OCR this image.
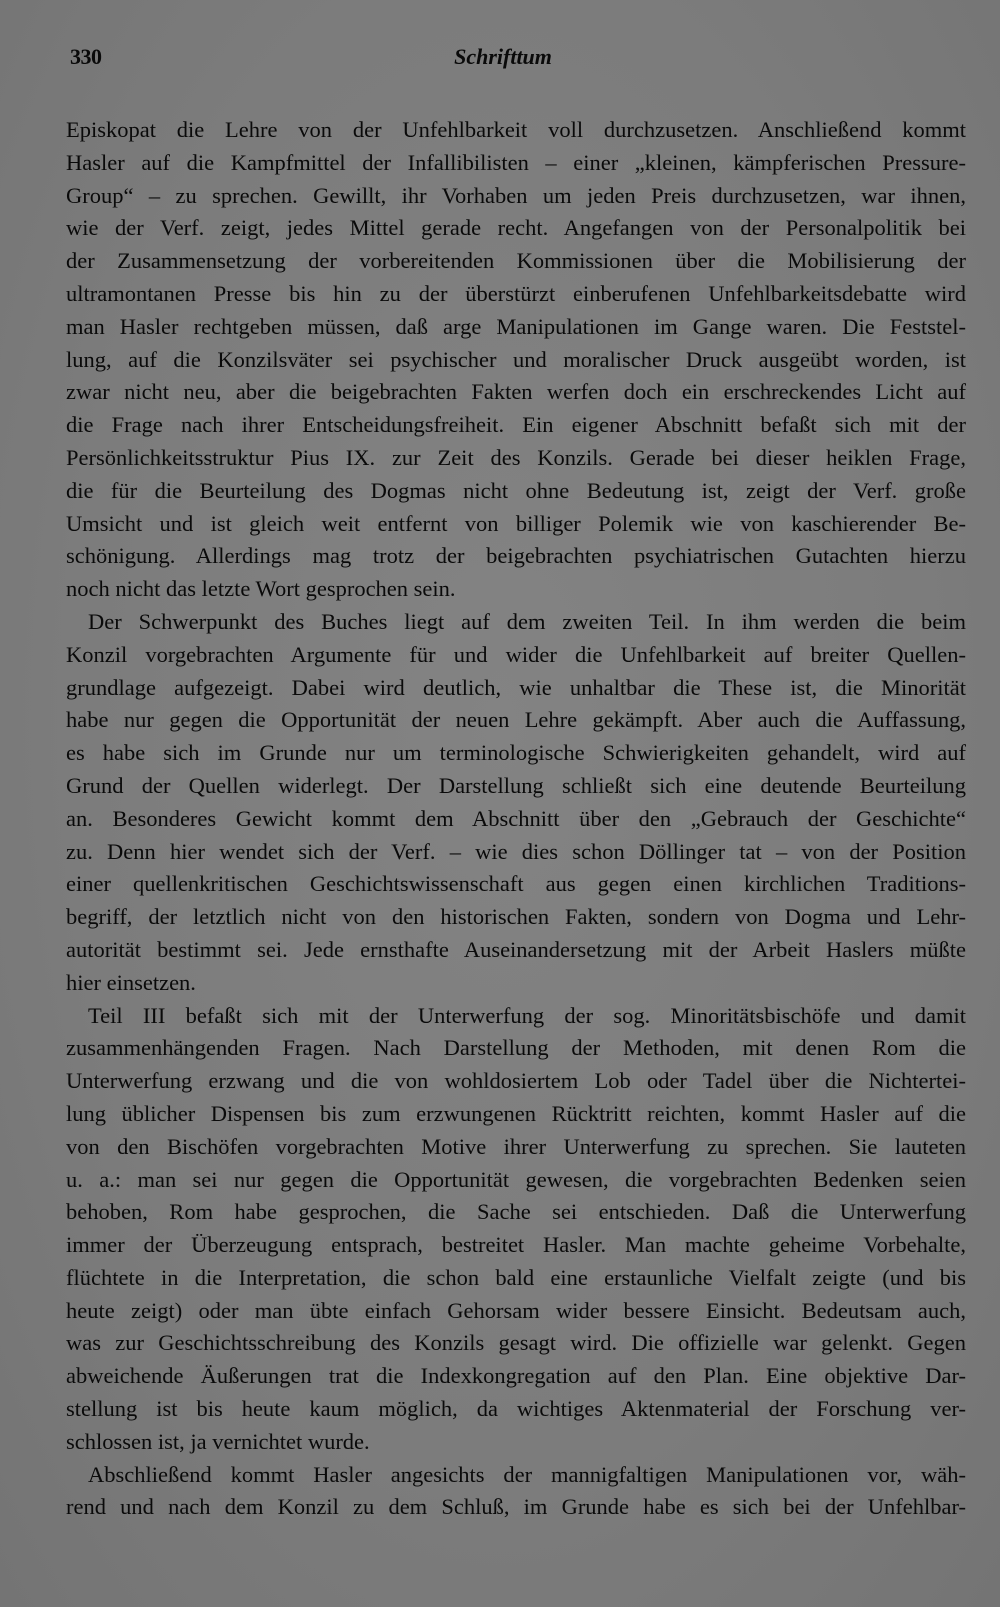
330	Schrifttum
Episkopat die Lehre von der Unfehlbarkeit voll durchzusetzen. Anschließend kommt
Hasler auf die Kampfmittel der Infallibilisten – einer „kleinen, kämpferischen Pressure-
Group“ – zu sprechen. Gewillt, ihr Vorhaben um jeden Preis durchzusetzen, war ihnen,
wie der Verf. zeigt, jedes Mittel gerade recht. Angefangen von der Personalpolitik bei
der Zusammensetzung der vorbereitenden Kommissionen über die Mobilisierung der
ultramontanen Presse bis hin zu der überstürzt einberufenen Unfehlbarkeitsdebatte wird
man Hasler rechtgeben müssen, daß arge Manipulationen im Gange waren. Die Feststel-
lung, auf die Konzilsväter sei psychischer und moralischer Druck ausgeübt worden, ist
zwar nicht neu, aber die beigebrachten Fakten werfen doch ein erschreckendes Licht auf
die Frage nach ihrer Entscheidungsfreiheit. Ein eigener Abschnitt befaßt sich mit der
Persönlichkeitsstruktur Pius IX. zur Zeit des Konzils. Gerade bei dieser heiklen Frage,
die für die Beurteilung des Dogmas nicht ohne Bedeutung ist, zeigt der Verf. große
Umsicht und ist gleich weit entfernt von billiger Polemik wie von kaschierender Be-
schönigung. Allerdings mag trotz der beigebrachten psychiatrischen Gutachten hierzu
noch nicht das letzte Wort gesprochen sein.
Der Schwerpunkt des Buches liegt auf dem zweiten Teil. In ihm werden die beim
Konzil vorgebrachten Argumente für und wider die Unfehlbarkeit auf breiter Quellen-
grundlage aufgezeigt. Dabei wird deutlich, wie unhaltbar die These ist, die Minorität
habe nur gegen die Opportunität der neuen Lehre gekämpft. Aber auch die Auffassung,
es habe sich im Grunde nur um terminologische Schwierigkeiten gehandelt, wird auf
Grund der Quellen widerlegt. Der Darstellung schließt sich eine deutende Beurteilung
an. Besonderes Gewicht kommt dem Abschnitt über den „Gebrauch der Geschichte“
zu. Denn hier wendet sich der Verf. – wie dies schon Döllinger tat – von der Position
einer quellenkritischen Geschichtswissenschaft aus gegen einen kirchlichen Traditions-
begriff, der letztlich nicht von den historischen Fakten, sondern von Dogma und Lehr-
autorität bestimmt sei. Jede ernsthafte Auseinandersetzung mit der Arbeit Haslers müßte
hier einsetzen.
Teil III befaßt sich mit der Unterwerfung der sog. Minoritätsbischöfe und damit
zusammenhängenden Fragen. Nach Darstellung der Methoden, mit denen Rom die
Unterwerfung erzwang und die von wohldosiertem Lob oder Tadel über die Nichtertei-
lung üblicher Dispensen bis zum erzwungenen Rücktritt reichten, kommt Hasler auf die
von den Bischöfen vorgebrachten Motive ihrer Unterwerfung zu sprechen. Sie lauteten
u. a.: man sei nur gegen die Opportunität gewesen, die vorgebrachten Bedenken seien
behoben, Rom habe gesprochen, die Sache sei entschieden. Daß die Unterwerfung
immer der Überzeugung entsprach, bestreitet Hasler. Man machte geheime Vorbehalte,
flüchtete in die Interpretation, die schon bald eine erstaunliche Vielfalt zeigte (und bis
heute zeigt) oder man übte einfach Gehorsam wider bessere Einsicht. Bedeutsam auch,
was zur Geschichtsschreibung des Konzils gesagt wird. Die offizielle war gelenkt. Gegen
abweichende Äußerungen trat die Indexkongregation auf den Plan. Eine objektive Dar-
stellung ist bis heute kaum möglich, da wichtiges Aktenmaterial der Forschung ver-
schlossen ist, ja vernichtet wurde.
Abschließend kommt Hasler angesichts der mannigfaltigen Manipulationen vor, wäh-
rend und nach dem Konzil zu dem Schluß, im Grunde habe es sich bei der Unfehlbar-
